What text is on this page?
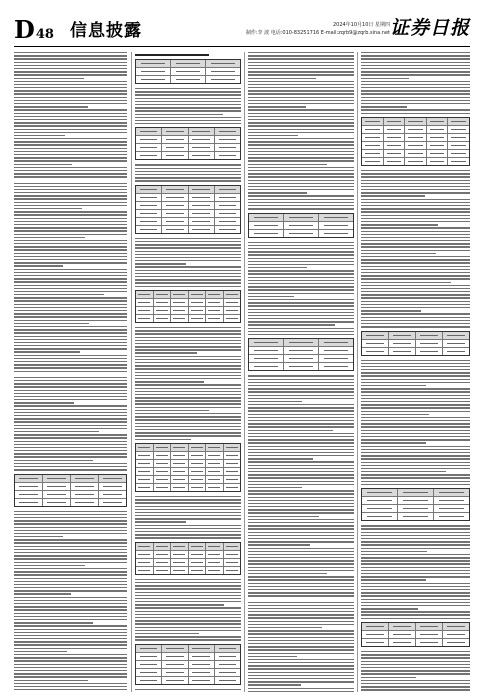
D48 信息披露	2024年10月10日 星期四
制作:李 波 电话:010-83251716 E-mail:zqrb9@zqrb.sina.net 证券日报
